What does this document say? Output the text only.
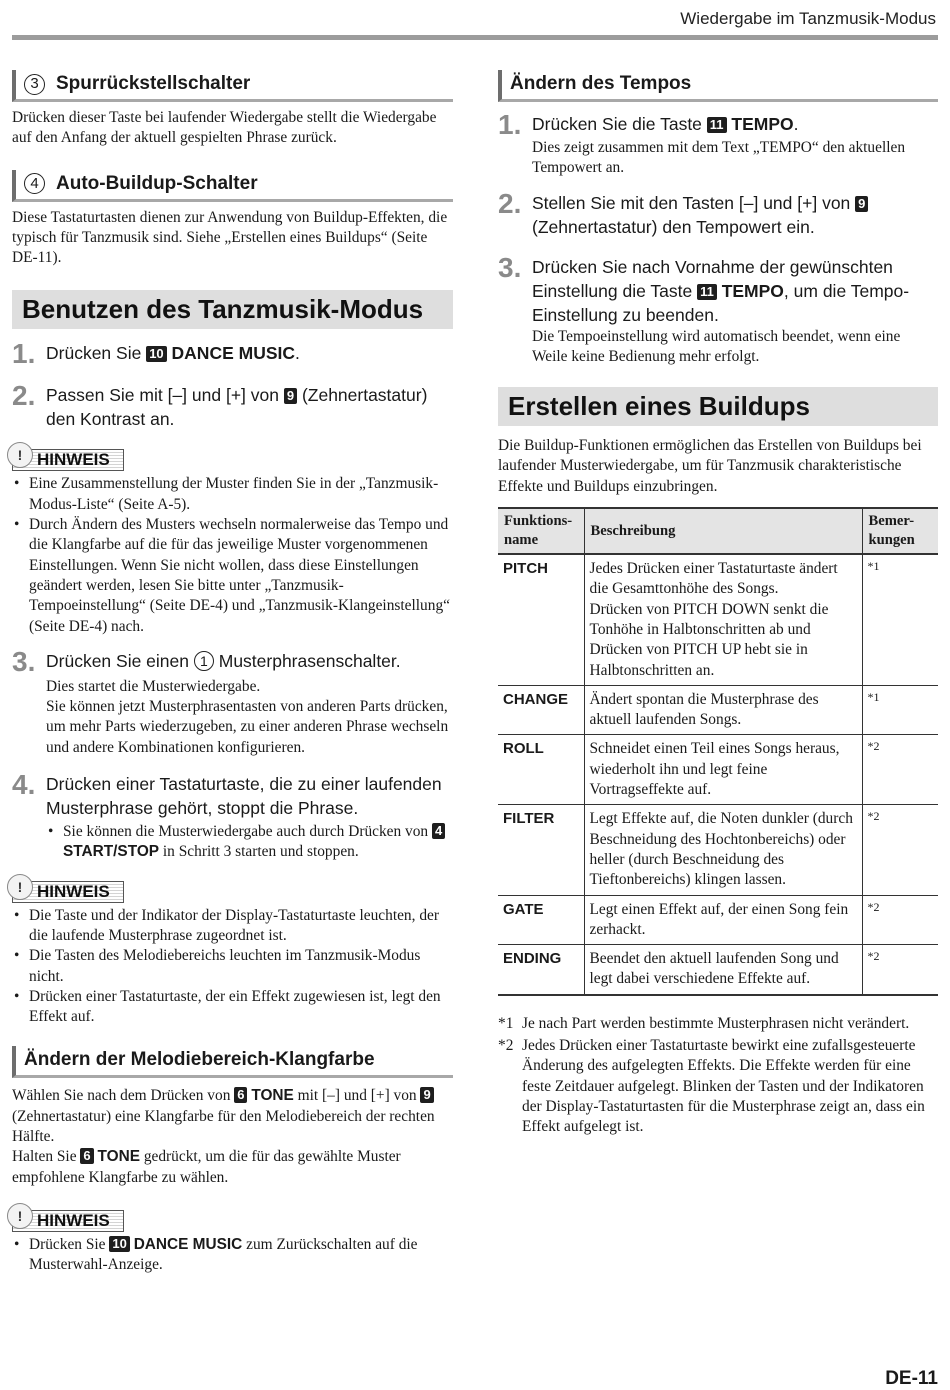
Wiedergabe im Tanzmusik-Modus
3 Spurrückstellschalter
Drücken dieser Taste bei laufender Wiedergabe stellt die Wiedergabe auf den Anfang der aktuell gespielten Phrase zurück.
4 Auto-Buildup-Schalter
Diese Tastaturtasten dienen zur Anwendung von Buildup-Effekten, die typisch für Tanzmusik sind. Siehe „Erstellen eines Buildups“ (Seite DE-11).
Benutzen des Tanzmusik-Modus
1. Drücken Sie 10 DANCE MUSIC.
2. Passen Sie mit [–] und [+] von 9 (Zehnertastatur) den Kontrast an.
! HINWEIS
• Eine Zusammenstellung der Muster finden Sie in der „Tanzmusik-Modus-Liste“ (Seite A-5).
• Durch Ändern des Musters wechseln normalerweise das Tempo und die Klangfarbe auf die für das jeweilige Muster vorgenommenen Einstellungen. Wenn Sie nicht wollen, dass diese Einstellungen geändert werden, lesen Sie bitte unter „Tanzmusik-Tempoeinstellung“ (Seite DE-4) und „Tanzmusik-Klangeinstellung“ (Seite DE-4) nach.
3. Drücken Sie einen 1 Musterphrasenschalter.
Dies startet die Musterwiedergabe.
Sie können jetzt Musterphrasentasten von anderen Parts drücken, um mehr Parts wiederzugeben, zu einer anderen Phrase wechseln und andere Kombinationen konfigurieren.
4. Drücken einer Tastaturtaste, die zu einer laufenden Musterphrase gehört, stoppt die Phrase.
• Sie können die Musterwiedergabe auch durch Drücken von 4 START/STOP in Schritt 3 starten und stoppen.
! HINWEIS
• Die Taste und der Indikator der Display-Tastaturtaste leuchten, der die laufende Musterphrase zugeordnet ist.
• Die Tasten des Melodiebereichs leuchten im Tanzmusik-Modus nicht.
• Drücken einer Tastaturtaste, der ein Effekt zugewiesen ist, legt den Effekt auf.
Ändern der Melodiebereich-Klangfarbe
Wählen Sie nach dem Drücken von 6 TONE mit [–] und [+] von 9 (Zehnertastatur) eine Klangfarbe für den Melodiebereich der rechten Hälfte.
Halten Sie 6 TONE gedrückt, um die für das gewählte Muster empfohlene Klangfarbe zu wählen.
! HINWEIS
• Drücken Sie 10 DANCE MUSIC zum Zurückschalten auf die Musterwahl-Anzeige.
Ändern des Tempos
1. Drücken Sie die Taste 11 TEMPO.
Dies zeigt zusammen mit dem Text „TEMPO“ den aktuellen Tempowert an.
2. Stellen Sie mit den Tasten [–] und [+] von 9 (Zehnertastatur) den Tempowert ein.
3. Drücken Sie nach Vornahme der gewünschten Einstellung die Taste 11 TEMPO, um die Tempo-Einstellung zu beenden.
Die Tempoeinstellung wird automatisch beendet, wenn eine Weile keine Bedienung mehr erfolgt.
Erstellen eines Buildups
Die Buildup-Funktionen ermöglichen das Erstellen von Buildups bei laufender Musterwiedergabe, um für Tanzmusik charakteristische Effekte und Buildups einzubringen.
Funktions-name	Beschreibung	Bemer-kungen
PITCH	Jedes Drücken einer Tastaturtaste ändert die Gesamttonhöhe des Songs.
Drücken von PITCH DOWN senkt die Tonhöhe in Halbtonschritten ab und Drücken von PITCH UP hebt sie in Halbtonschritten an.	*1
CHANGE	Ändert spontan die Musterphrase des aktuell laufenden Songs.	*1
ROLL	Schneidet einen Teil eines Songs heraus, wiederholt ihn und legt feine Vortragseffekte auf.	*2
FILTER	Legt Effekte auf, die Noten dunkler (durch Beschneidung des Hochtonbereichs) oder heller (durch Beschneidung des Tieftonbereichs) klingen lassen.	*2
GATE	Legt einen Effekt auf, der einen Song fein zerhackt.	*2
ENDING	Beendet den aktuell laufenden Song und legt dabei verschiedene Effekte auf.	*2
*1 Je nach Part werden bestimmte Musterphrasen nicht verändert.
*2 Jedes Drücken einer Tastaturtaste bewirkt eine zufallsgesteuerte Änderung des aufgelegten Effekts. Die Effekte werden für eine feste Zeitdauer aufgelegt. Blinken der Tasten und der Indikatoren der Display-Tastaturtasten für die Musterphrase zeigt an, dass ein Effekt aufgelegt ist.
DE-11
